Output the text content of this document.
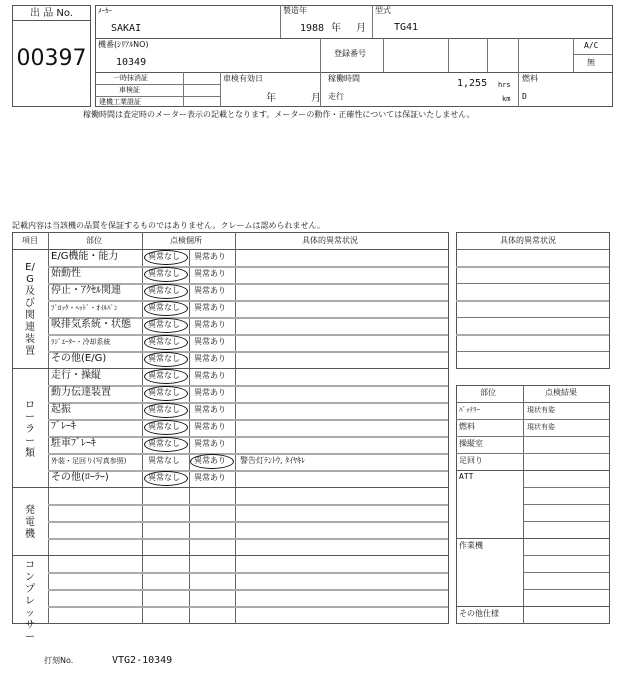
出 品 No.
00397
ﾒｰｶｰ
SAKAI
製造年
1988 年 月
型式
TG41
機番(ｼﾘｱﾙNO)
10349
登録番号
A/C
無
一時抹消証
車検証
建機工業證証
車検有効日
年	月
稼働時間	1,255 hrs
走行	km
燃料
D
稼働時間は査定時のメーター表示の記載となります。メーターの動作・正確性については保証いたしません。
記載内容は当該機の品質を保証するものではありません。クレームは認められません。
項目	部位	点検個所	具体的異常状況
E/G及び関連装置
ローラー類
発電機
コンプレッサー
E/G機能・能力	異常なし 異常あり
始動性	異常なし 異常あり
停止・ｱｸｾﾙ関連	異常なし 異常あり
ﾌﾞﾛｯｸ・ﾍｯﾄﾞ・ｵｲﾙﾊﾟﾝ	異常なし 異常あり
吸排気系統・状態 異常なし 異常あり
ﾗｼﾞｴｰﾀｰ・冷却系統	異常なし 異常あり
その他(E/G)	異常なし 異常あり
走行・操縦	異常なし 異常あり
動力伝達装置	異常なし 異常あり
起振	異常なし 異常あり
ﾌﾞﾚｰｷ	異常なし 異常あり
駐車ﾌﾞﾚｰｷ	異常なし 異常あり
外装・足回り(写真参照)	異常なし 異常あり 警告灯ﾃﾝﾄｳ, ﾀｲﾔｷﾚ
その他(ﾛｰﾗｰ)	異常なし 異常あり
具体的異常状況
部位	点検結果
ﾊﾞｯﾃﾘｰ	現状有姿
燃料	現状有姿
操縦室
足回り
ATT
作業機
その他仕様
打刻No.	VTG2-10349
